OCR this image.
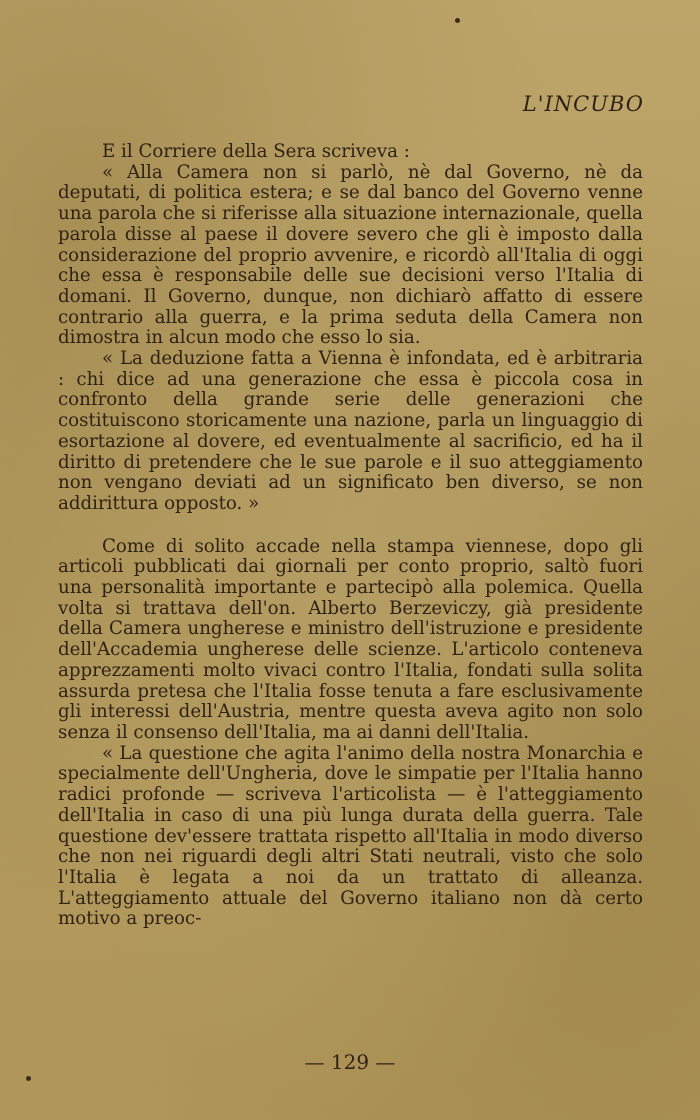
L'INCUBO

E il Corriere della Sera scriveva :

« Alla Camera non si parlò, nè dal Governo, nè da deputati, di politica estera; e se dal banco del Governo venne una parola che si riferisse alla situazione internazionale, quella parola disse al paese il dovere severo che gli è imposto dalla considerazione del proprio avvenire, e ricordò all'Italia di oggi che essa è responsabile delle sue decisioni verso l'Italia di domani. Il Governo, dunque, non dichiarò affatto di essere contrario alla guerra, e la prima seduta della Camera non dimostra in alcun modo che esso lo sia.

« La deduzione fatta a Vienna è infondata, ed è arbitraria : chi dice ad una generazione che essa è piccola cosa in confronto della grande serie delle generazioni che costituiscono storicamente una nazione, parla un linguaggio di esortazione al dovere, ed eventualmente al sacrificio, ed ha il diritto di pretendere che le sue parole e il suo atteggiamento non vengano deviati ad un significato ben diverso, se non addirittura opposto. »

Come di solito accade nella stampa viennese, dopo gli articoli pubblicati dai giornali per conto proprio, saltò fuori una personalità importante e partecipò alla polemica. Quella volta si trattava dell'on. Alberto Berzeviczy, già presidente della Camera ungherese e ministro dell'istruzione e presidente dell'Accademia ungherese delle scienze. L'articolo conteneva apprezzamenti molto vivaci contro l'Italia, fondati sulla solita assurda pretesa che l'Italia fosse tenuta a fare esclusivamente gli interessi dell'Austria, mentre questa aveva agito non solo senza il consenso dell'Italia, ma ai danni dell'Italia.

« La questione che agita l'animo della nostra Monarchia e specialmente dell'Ungheria, dove le simpatie per l'Italia hanno radici profonde — scriveva l'articolista — è l'atteggiamento dell'Italia in caso di una più lunga durata della guerra. Tale questione dev'essere trattata rispetto all'Italia in modo diverso che non nei riguardi degli altri Stati neutrali, visto che solo l'Italia è legata a noi da un trattato di alleanza. L'atteggiamento attuale del Governo italiano non dà certo motivo a preoc-

— 129 —
